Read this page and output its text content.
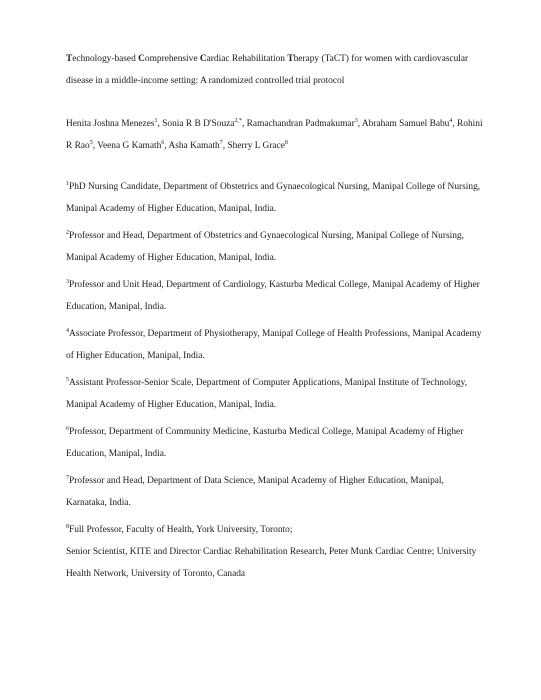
Technology-based Comprehensive Cardiac Rehabilitation Therapy (TaCT) for women with cardiovascular disease in a middle-income setting: A randomized controlled trial protocol

Henita Joshna Menezes$^1$, Sonia R B D'Souza$^{2,*}$, Ramachandran Padmakumar$^3$, Abraham Samuel Babu$^4$, Rohini R Rao$^5$, Veena G Kamath$^6$, Asha Kamath$^7$, Sherry L Grace$^8$

$^1$PhD Nursing Candidate, Department of Obstetrics and Gynaecological Nursing, Manipal College of Nursing, Manipal Academy of Higher Education, Manipal, India.

$^2$Professor and Head, Department of Obstetrics and Gynaecological Nursing, Manipal College of Nursing, Manipal Academy of Higher Education, Manipal, India.

$^3$Professor and Unit Head, Department of Cardiology, Kasturba Medical College, Manipal Academy of Higher Education, Manipal, India.

$^4$Associate Professor, Department of Physiotherapy, Manipal College of Health Professions, Manipal Academy of Higher Education, Manipal, India.

$^5$Assistant Professor-Senior Scale, Department of Computer Applications, Manipal Institute of Technology, Manipal Academy of Higher Education, Manipal, India.

$^6$Professor, Department of Community Medicine, Kasturba Medical College, Manipal Academy of Higher Education, Manipal, India.

$^7$Professor and Head, Department of Data Science, Manipal Academy of Higher Education, Manipal, Karnataka, India.

$^8$Full Professor, Faculty of Health, York University, Toronto;
Senior Scientist, KITE and Director Cardiac Rehabilitation Research, Peter Munk Cardiac Centre; University Health Network, University of Toronto, Canada
